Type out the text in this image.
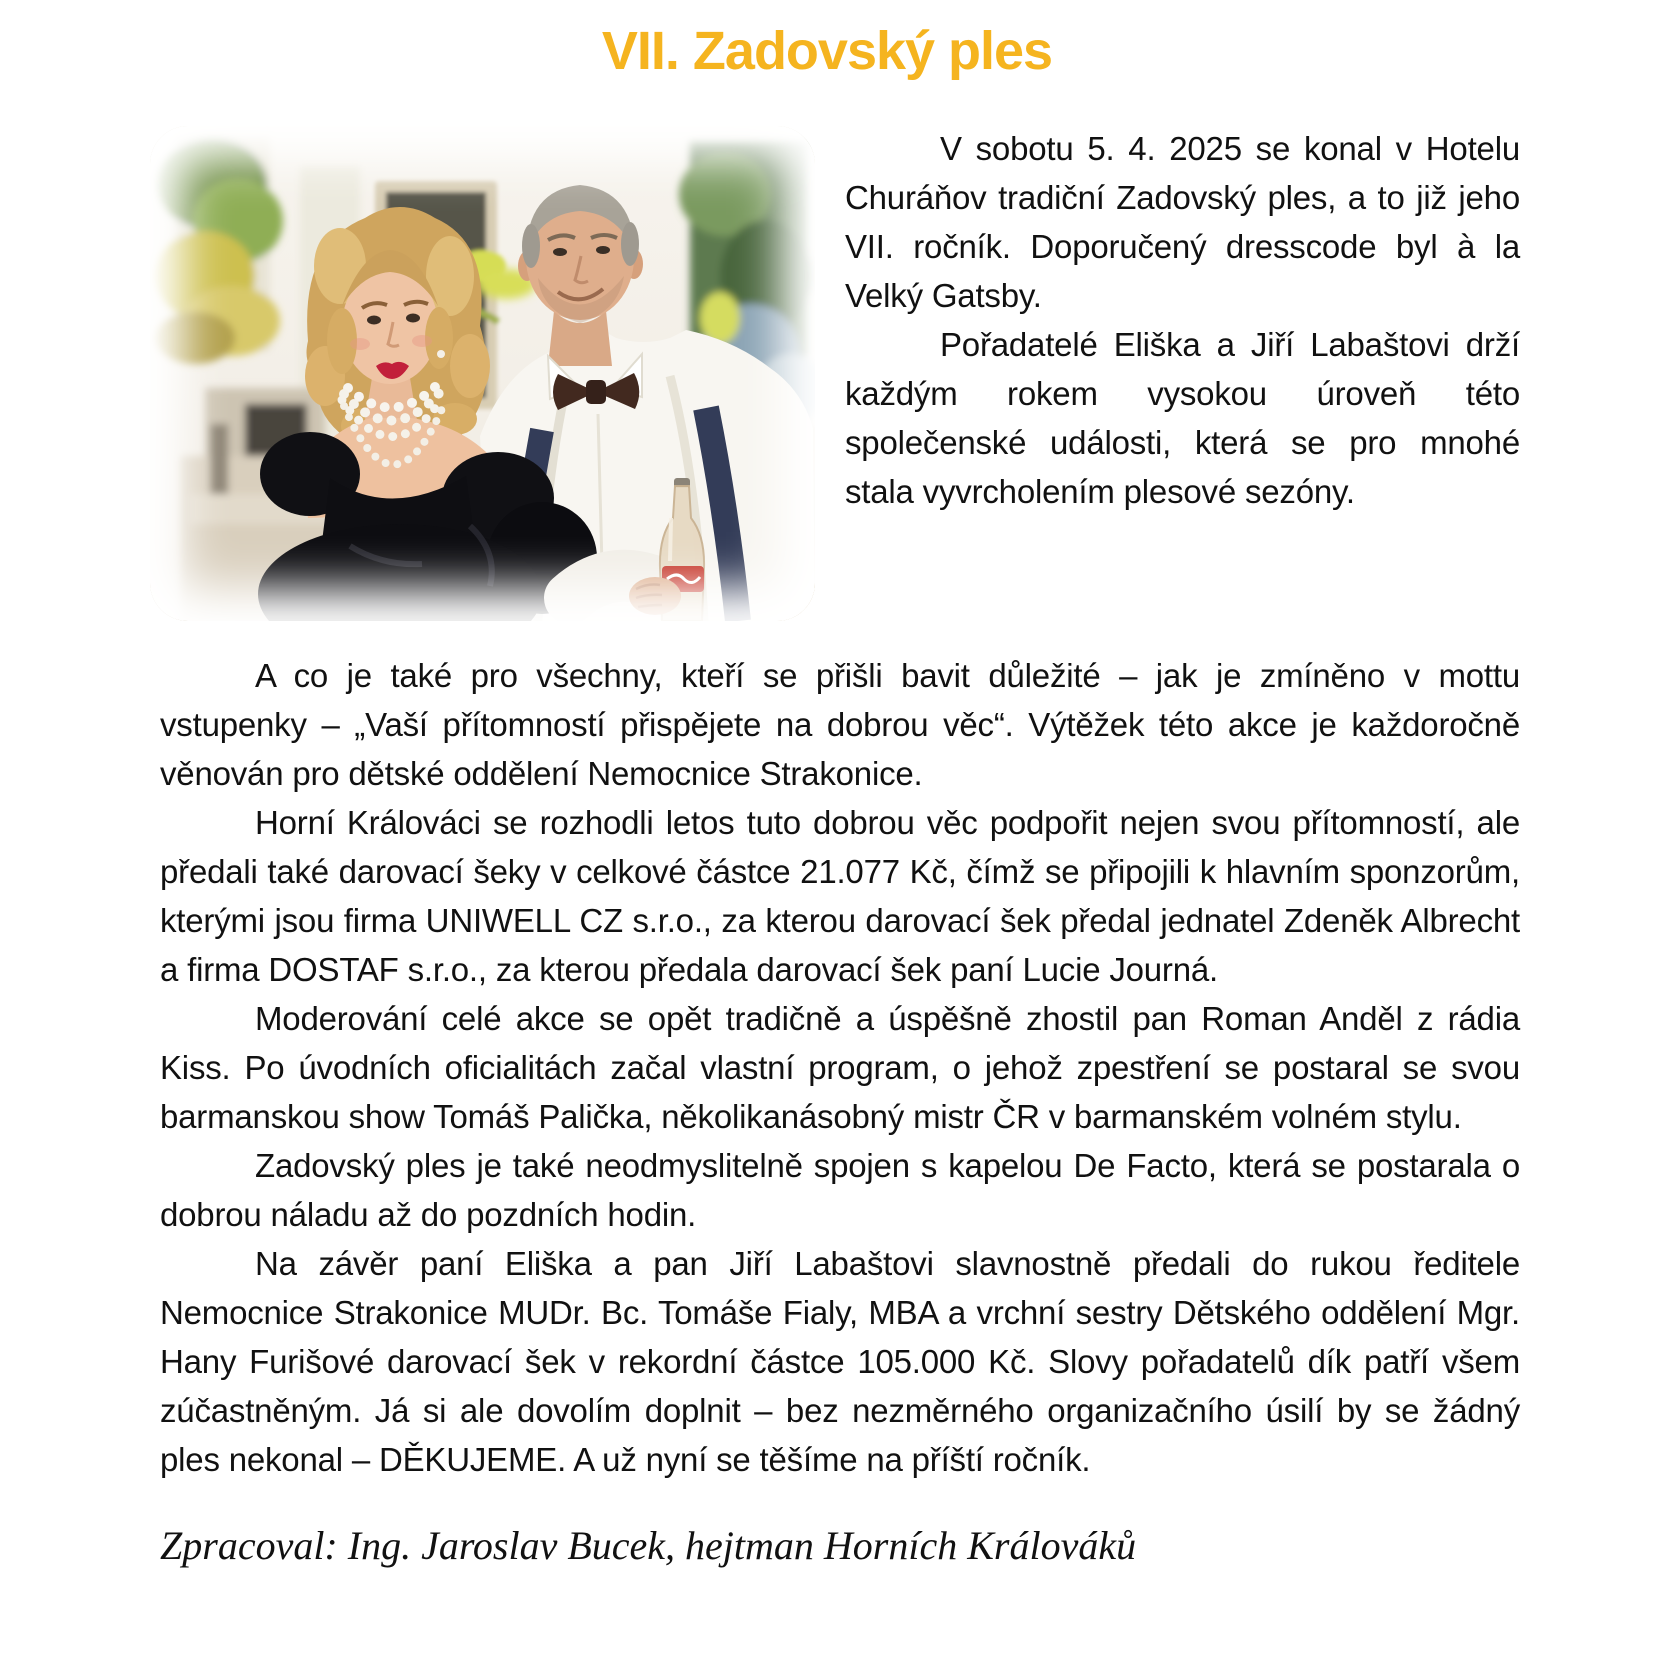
VII. Zadovský ples

V sobotu 5. 4. 2025 se konal v Hotelu Churáňov tradiční Zadovský ples, a to již jeho VII. ročník. Doporučený dresscode byl à la Velký Gatsby.

Pořadatelé Eliška a Jiří Labaštovi drží každým rokem vysokou úroveň této společenské události, která se pro mnohé stala vyvrcholením plesové sezóny.

A co je také pro všechny, kteří se přišli bavit důležité – jak je zmíněno v mottu vstupenky – „Vaší přítomností přispějete na dobrou věc“. Výtěžek této akce je každoročně věnován pro dětské oddělení Nemocnice Strakonice.

Horní Králováci se rozhodli letos tuto dobrou věc podpořit nejen svou přítomností, ale předali také darovací šeky v celkové částce 21.077 Kč, čímž se připojili k hlavním sponzorům, kterými jsou firma UNIWELL CZ s.r.o., za kterou darovací šek předal jednatel Zdeněk Albrecht a firma DOSTAF s.r.o., za kterou předala darovací šek paní Lucie Journá.

Moderování celé akce se opět tradičně a úspěšně zhostil pan Roman Anděl z rádia Kiss. Po úvodních oficialitách začal vlastní program, o jehož zpestření se postaral se svou barmanskou show Tomáš Palička, několikanásobný mistr ČR v barmanském volném stylu.

Zadovský ples je také neodmyslitelně spojen s kapelou De Facto, která se postarala o dobrou náladu až do pozdních hodin.

Na závěr paní Eliška a pan Jiří Labaštovi slavnostně předali do rukou ředitele Nemocnice Strakonice MUDr. Bc. Tomáše Fialy, MBA a vrchní sestry Dětského oddělení Mgr. Hany Furišové darovací šek v rekordní částce 105.000 Kč. Slovy pořadatelů dík patří všem zúčastněným. Já si ale dovolím doplnit – bez nezměrného organizačního úsilí by se žádný ples nekonal – DĚKUJEME. A už nyní se těšíme na příští ročník.

Zpracoval: Ing. Jaroslav Bucek, hejtman Horních Králováků
